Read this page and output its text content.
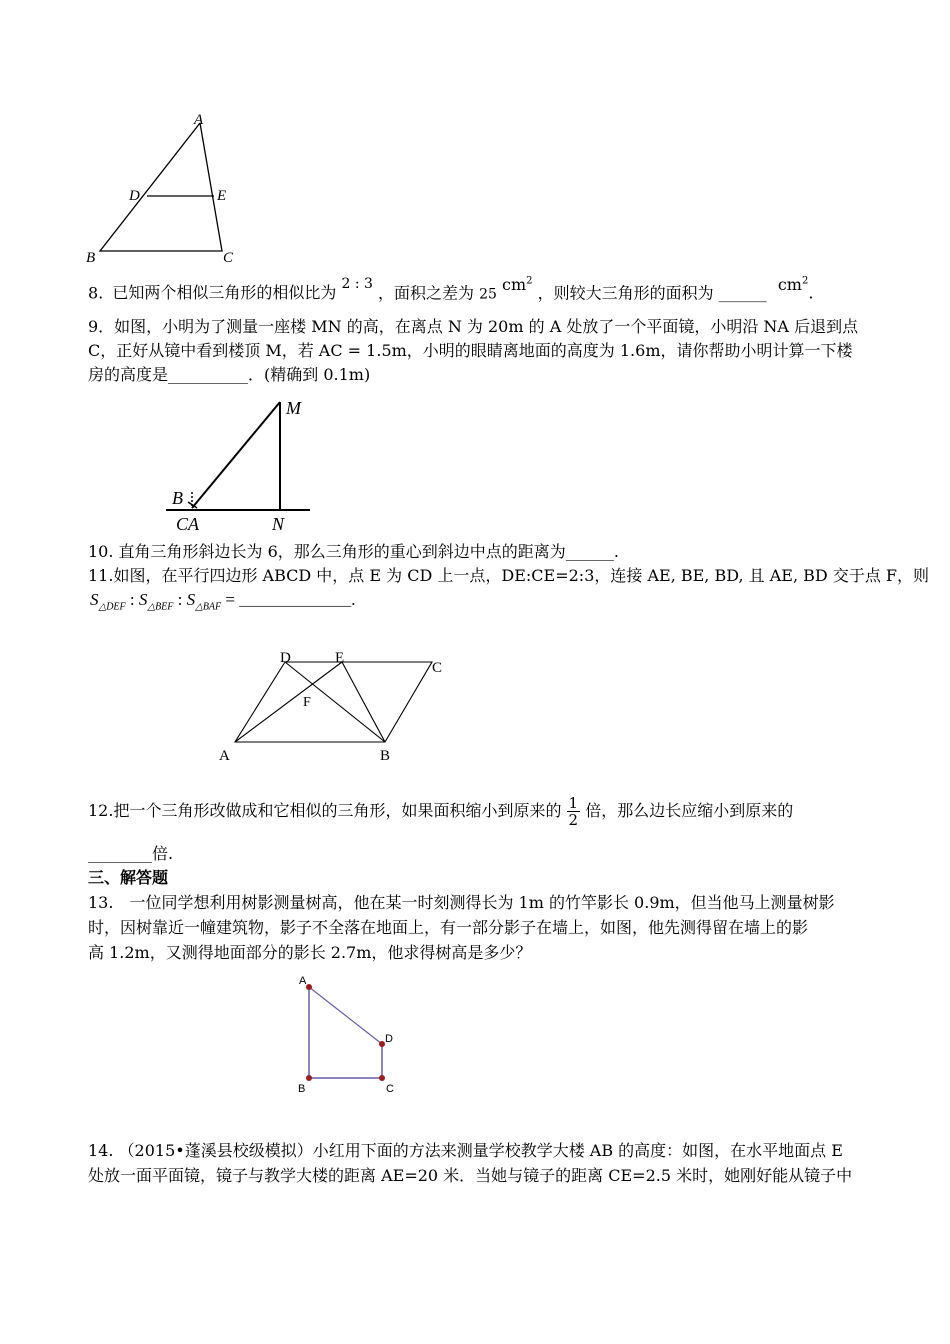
A
B	C
D	E
8. 已知两个相似三角形的相似比为 2 : 3 ，面积之差为 25 $cm^2$ ，则较大三角形的面积为 ______ $cm^2$.
9．如图，小明为了测量一座楼 MN 的高，在离点 N 为 20m 的 A 处放了一个平面镜，小明沿 NA 后退到点
C，正好从镜中看到楼顶 M，若 AC = 1.5m，小明的眼睛离地面的高度为 1.6m，请你帮助小明计算一下楼
房的高度是__________．(精确到 0.1m)
M
B
CA	N
10. 直角三角形斜边长为 6，那么三角形的重心到斜边中点的距离为______.
11.如图，在平行四边形 ABCD 中，点 E 为 CD 上一点，DE:CE=2:3，连接 AE, BE, BD, 且 AE, BD 交于点 F，则
$S_{\triangle DEF}$ : $S_{\triangle BEF}$ : $S_{\triangle BAF}$ = ________________.
A	B
C
D	E
F
12.把一个三角形改做成和它相似的三角形，如果面积缩小到原来的 $\frac{1}{2}$ 倍，那么边长应缩小到原来的
________倍.
三、解答题
13.　一位同学想利用树影测量树高，他在某一时刻测得长为 1m 的竹竿影长 0.9m，但当他马上测量树影
时，因树靠近一幢建筑物，影子不全落在地面上，有一部分影子在墙上，如图，他先测得留在墙上的影
高 1.2m，又测得地面部分的影长 2.7m，他求得树高是多少？
A
B	C
D
14. （2015•蓬溪县校级模拟）小红用下面的方法来测量学校教学大楼 AB 的高度：如图，在水平地面点 E
处放一面平面镜，镜子与教学大楼的距离 AE=20 米．当她与镜子的距离 CE=2.5 米时，她刚好能从镜子中
